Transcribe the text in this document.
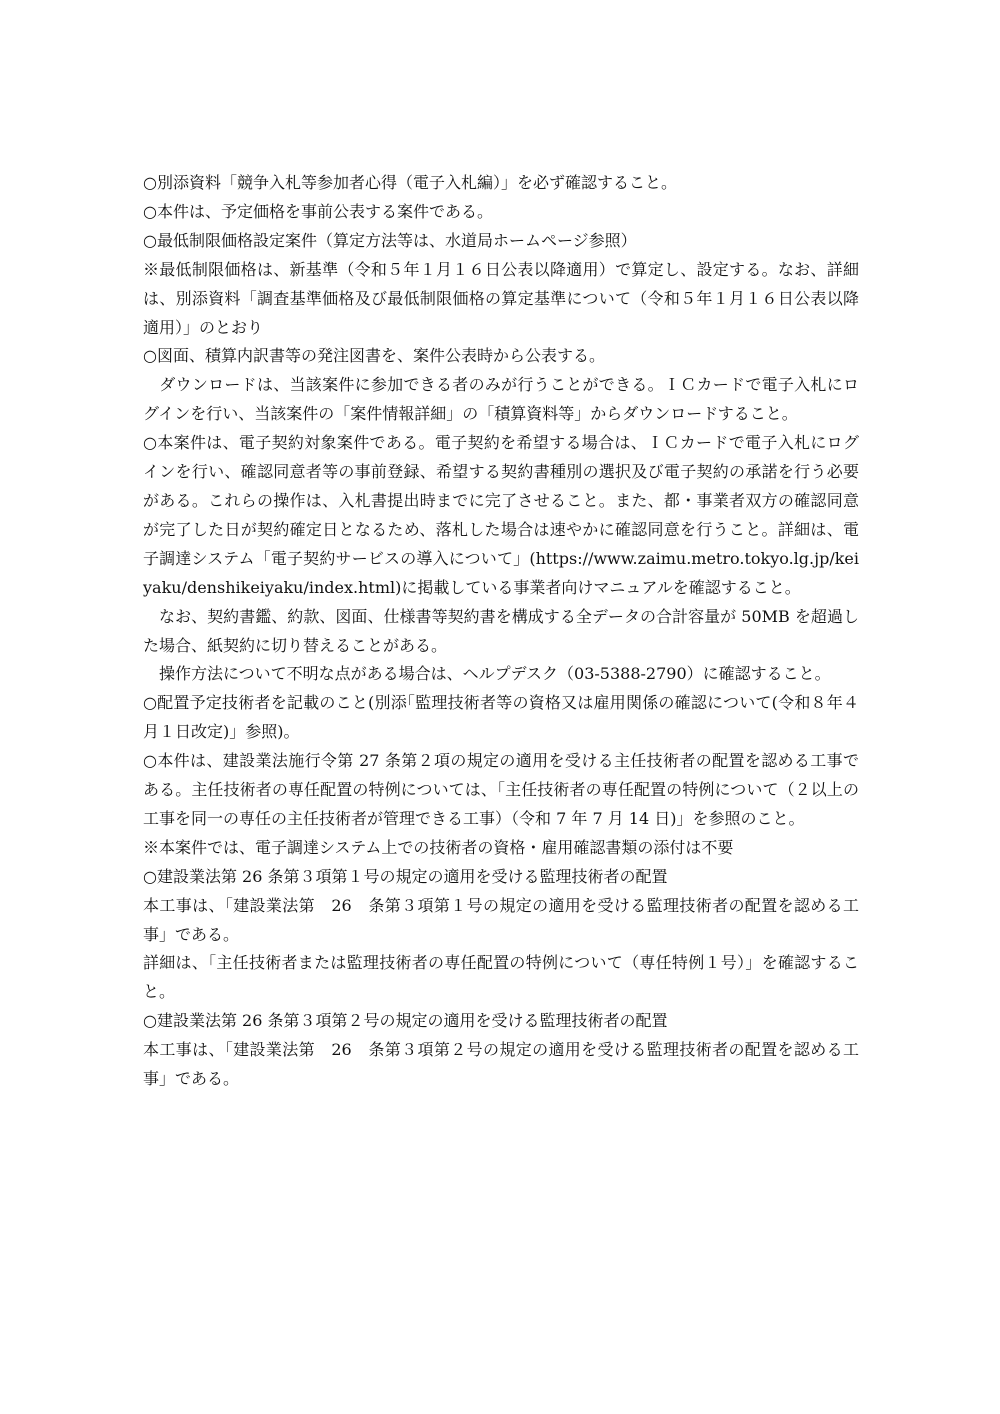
○別添資料「競争入札等参加者心得（電子入札編）」を必ず確認すること。

○本件は、予定価格を事前公表する案件である。

○最低制限価格設定案件（算定方法等は、水道局ホームページ参照）

※最低制限価格は、新基準（令和５年１月１６日公表以降適用）で算定し、設定する。なお、詳細は、別添資料「調査基準価格及び最低制限価格の算定基準について（令和５年１月１６日公表以降適用）」のとおり

○図面、積算内訳書等の発注図書を、案件公表時から公表する。

　ダウンロードは、当該案件に参加できる者のみが行うことができる。ＩＣカードで電子入札にログインを行い、当該案件の「案件情報詳細」の「積算資料等」からダウンロードすること。

○本案件は、電子契約対象案件である。電子契約を希望する場合は、ＩＣカードで電子入札にログインを行い、確認同意者等の事前登録、希望する契約書種別の選択及び電子契約の承諾を行う必要がある。これらの操作は、入札書提出時までに完了させること。また、都・事業者双方の確認同意が完了した日が契約確定日となるため、落札した場合は速やかに確認同意を行うこと。詳細は、電子調達システム「電子契約サービスの導入について」(https://www.zaimu.metro.tokyo.lg.jp/keiyaku/denshikeiyaku/index.html)に掲載している事業者向けマニュアルを確認すること。

　なお、契約書鑑、約款、図面、仕様書等契約書を構成する全データの合計容量が 50MB を超過した場合、紙契約に切り替えることがある。

　操作方法について不明な点がある場合は、ヘルプデスク（03-5388-2790）に確認すること。

○配置予定技術者を記載のこと(別添｢監理技術者等の資格又は雇用関係の確認について(令和８年４月１日改定)」参照)。

○本件は、建設業法施行令第 27 条第２項の規定の適用を受ける主任技術者の配置を認める工事である。主任技術者の専任配置の特例については、「主任技術者の専任配置の特例について（２以上の工事を同一の専任の主任技術者が管理できる工事）（令和 7 年 7 月 14 日)」を参照のこと。

※本案件では、電子調達システム上での技術者の資格・雇用確認書類の添付は不要

○建設業法第 26 条第３項第１号の規定の適用を受ける監理技術者の配置

本工事は、「建設業法第　26　条第３項第１号の規定の適用を受ける監理技術者の配置を認める工事」である。

詳細は、「主任技術者または監理技術者の専任配置の特例について（専任特例１号）」を確認すること。

○建設業法第 26 条第３項第２号の規定の適用を受ける監理技術者の配置

本工事は、「建設業法第　26　条第３項第２号の規定の適用を受ける監理技術者の配置を認める工事」である。
